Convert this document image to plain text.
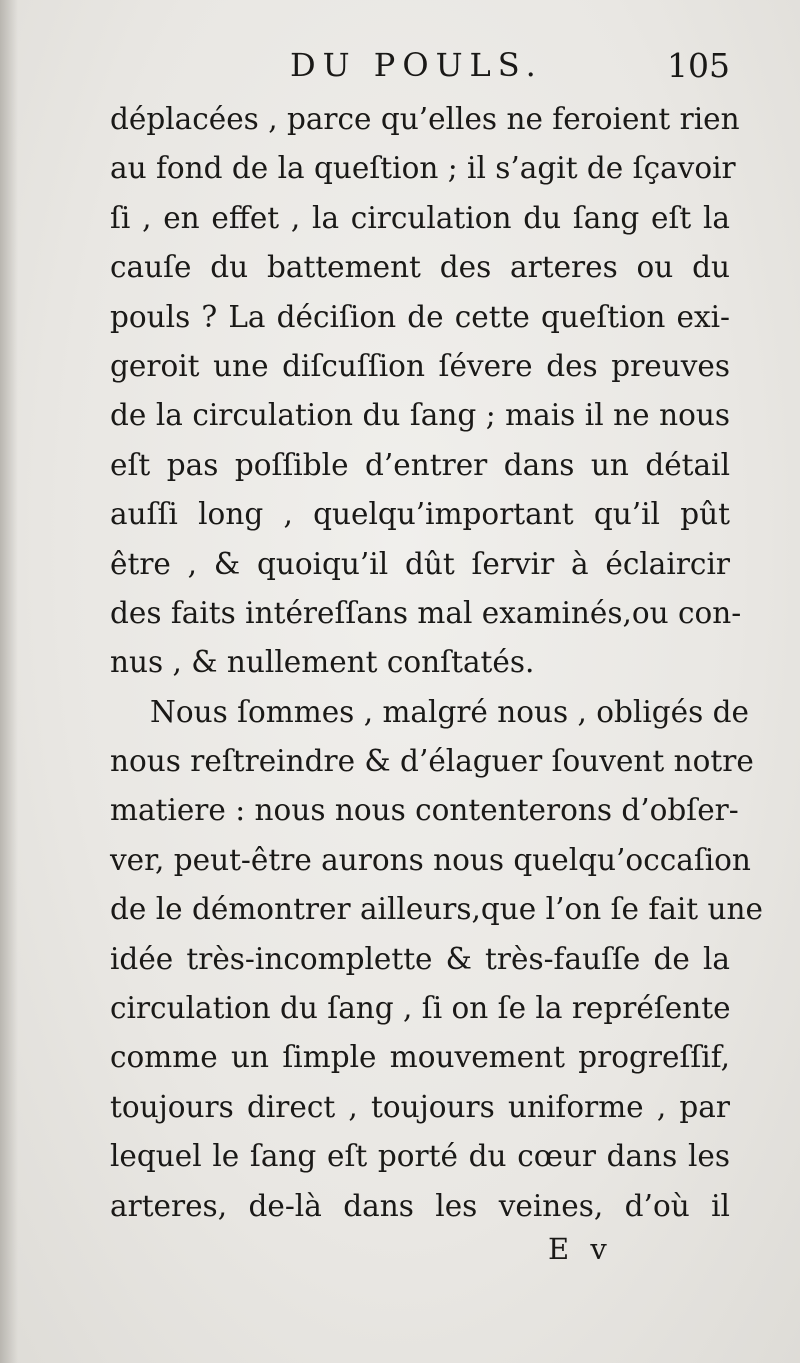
DU POULS.	105
déplacées , parce qu’elles ne feroient rien
au fond de la queſtion ; il s’agit de ſçavoir
ſi , en effet , la circulation du ſang eſt la
cauſe du battement des arteres ou du
pouls ? La déciſion de cette queſtion exi-
geroit une diſcuſſion ſévere des preuves
de la circulation du ſang ; mais il ne nous
eſt pas poſſible d’entrer dans un détail
auſſi long , quelqu’important qu’il pût
être , & quoiqu’il dût ſervir à éclaircir
des faits intéreſſans mal examinés,ou con-
nus , & nullement conſtatés.
Nous ſommes , malgré nous , obligés de
nous reſtreindre & d’élaguer ſouvent notre
matiere : nous nous contenterons d’obſer-
ver, peut-être aurons nous quelqu’occaſion
de le démontrer ailleurs,que l’on ſe fait une
idée très-incomplette & très-fauſſe de la
circulation du ſang , ſi on ſe la repréſente
comme un ſimple mouvement progreſſif,
toujours direct , toujours uniforme , par
lequel le ſang eſt porté du cœur dans les
arteres, de-là dans les veines, d’où il
E v
